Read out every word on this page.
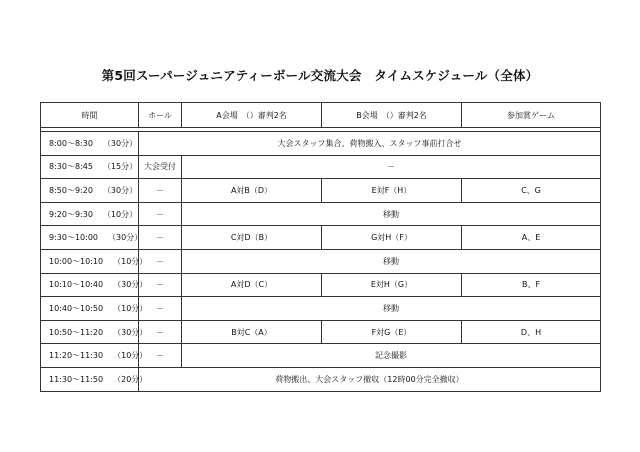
第5回スーパージュニアティーボール交流大会　タイムスケジュール（全体）
時間	ホール	A会場　（）審判2名	B会場　（）審判2名	参加賞ゲーム

8:00～8:30 （30分）	大会スタッフ集合、荷物搬入、スタッフ事前打合せ			
8:30～8:45 （15分）	大会受付	－		
8:50～9:20 （30分）	－	A対B（D）	E対F（H）	C、G
9:20～9:30 （10分）	－	移動		
9:30～10:00 （30分）	－	C対D（B）	G対H（F）	A、E
10:00～10:10 （10分）	－	移動		
10:10～10:40 （30分）	－	A対D（C）	E対H（G）	B、F
10:40～10:50 （10分）	－	移動		
10:50～11:20 （30分）	－	B対C（A）	F対G（E）	D、H
11:20～11:30 （10分）	－	記念撮影		
11:30～11:50 （20分）	荷物搬出、大会スタッフ撤収（12時00分完全撤収）			
